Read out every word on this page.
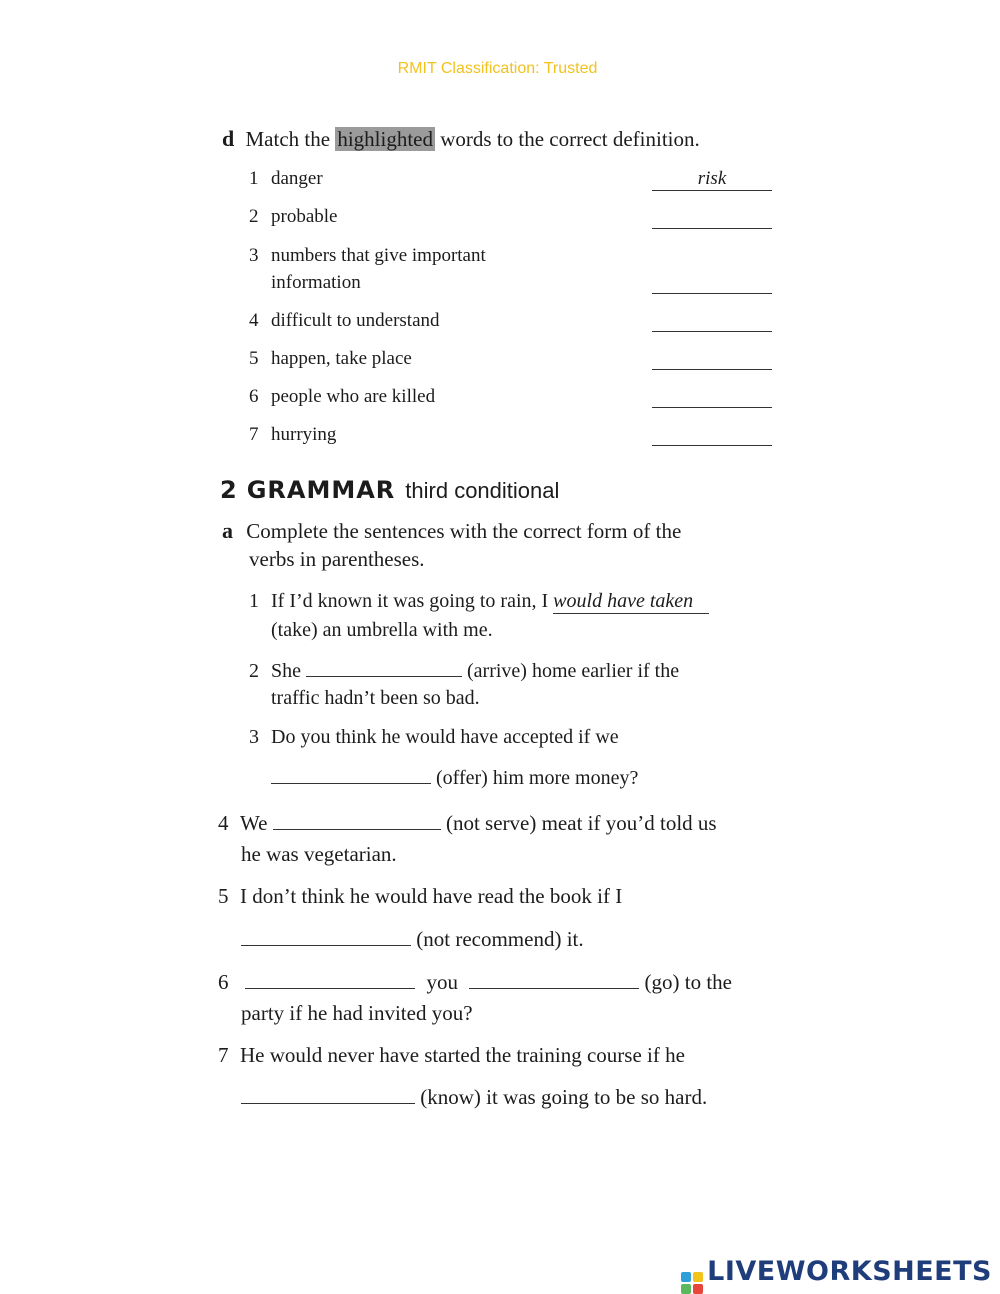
RMIT Classification: Trusted
d Match the highlighted words to the correct definition.
1 danger	risk
2 probable
3 numbers that give important
information
4 difficult to understand
5 happen, take place
6 people who are killed
7 hurrying
2 GRAMMAR third conditional
a Complete the sentences with the correct form of the
verbs in parentheses.
1 If I’d known it was going to rain, I would have taken
(take) an umbrella with me.
2 She	(arrive) home earlier if the
traffic hadn’t been so bad.
3 Do you think he would have accepted if we
(offer) him more money?
4 We	(not serve) meat if you’d told us
he was vegetarian.
5 I don’t think he would have read the book if I
(not recommend) it.
6	you	(go) to the
party if he had invited you?
7 He would never have started the training course if he
(know) it was going to be so hard.
LIVEWORKSHEETS
